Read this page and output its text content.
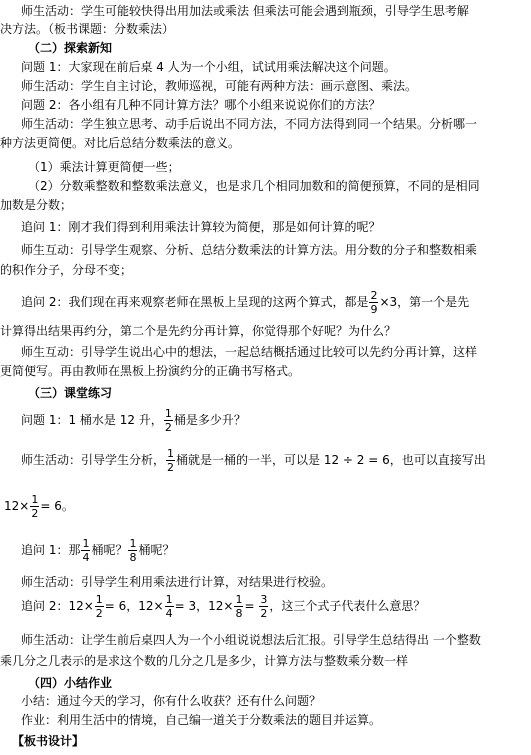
师生活动：学生可能较快得出用加法或乘法 但乘法可能会遇到瓶颈，引导学生思考解
决方法。（板书课题：分数乘法）
（二）探索新知
问题 1：大家现在前后桌 4 人为一个小组，试试用乘法解决这个问题。
师生活动：学生自主讨论，教师巡视，可能有两种方法：画示意图、乘法。
问题 2：各小组有几种不同计算方法？哪个小组来说说你们的方法？
师生活动：学生独立思考、动手后说出不同方法，不同方法得到同一个结果。分析哪一
种方法更简便。对比后总结分数乘法的意义。
（1）乘法计算更简便一些；
（2）分数乘整数和整数乘法意义，也是求几个相同加数和的简便预算，不同的是相同
加数是分数；
追问 1：刚才我们得到利用乘法计算较为简便，那是如何计算的呢？
师生互动：引导学生观察、分析、总结分数乘法的计算方法。用分数的分子和整数相乘
的积作分子，分母不变；
追问 2：我们现在再来观察老师在黑板上呈现的这两个算式，都是 $\frac{2}{9} \times 3$，第一个是先
计算得出结果再约分，第二个是先约分再计算，你觉得那个好呢？为什么？
师生互动：引导学生说出心中的想法，一起总结概括通过比较可以先约分再计算，这样
更简便写。再由教师在黑板上扮演约分的正确书写格式。
（三）课堂练习
问题 1：1 桶水是 12 升， $\frac{1}{2}$ 桶是多少升？
师生活动：引导学生分析， $\frac{1}{2}$ 桶就是一桶的一半，可以是 12 ÷ 2 = 6，也可以直接写出
$12\times \frac{1}{2} = 6$。
追问 1：那 $\frac{1}{4}$ 桶呢？ $\frac{1}{8}$ 桶呢？
师生活动：引导学生利用乘法进行计算，对结果进行校验。
追问 2：$12\times \frac{1}{2} = 6$，$12\times \frac{1}{4} = 3$，$12\times \frac{1}{8} = \frac{3}{2}$ ，这三个式子代表什么意思？
师生活动：让学生前后桌四人为一个小组说说想法后汇报。引导学生总结得出 一个整数
乘几分之几表示的是求这个数的几分之几是多少，计算方法与整数乘分数一样
（四）小结作业
小结：通过今天的学习，你有什么收获？还有什么问题？
作业：利用生活中的情境，自己编一道关于分数乘法的题目并运算。
【板书设计】
